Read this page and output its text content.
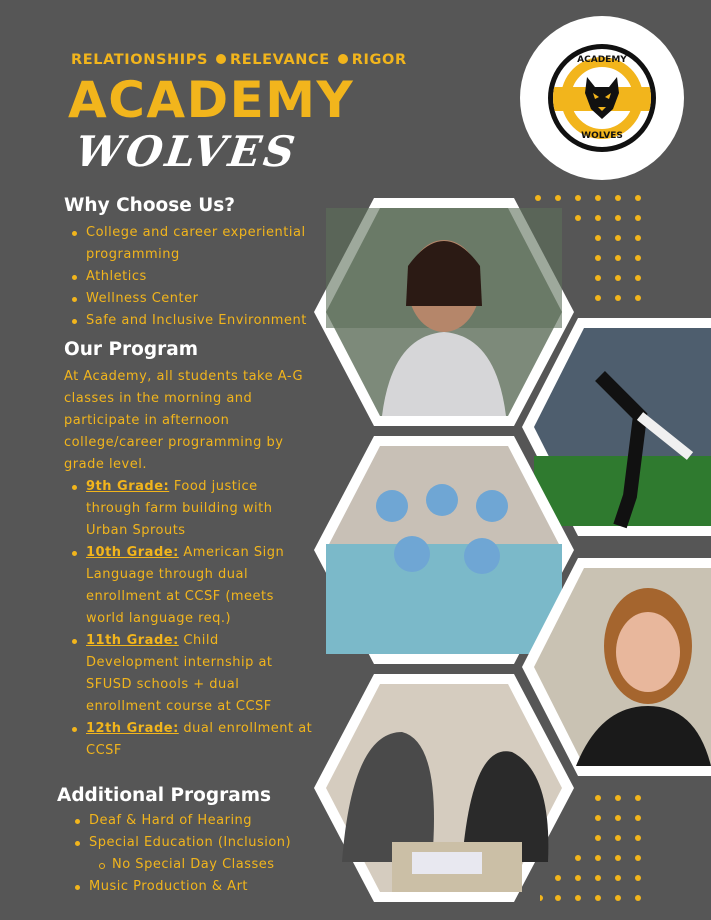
RELATIONSHIPS RELEVANCE RIGOR
ACADEMY
WOLVES
ACADEMY
WOLVES
Why Choose Us?
College and career experiential programming
Athletics
Wellness Center
Safe and Inclusive Environment
Our Program

At Academy, all students take A-G classes in the morning and participate in afternoon college/career programming by grade level.

9th Grade: Food justice through farm building with Urban Sprouts
10th Grade: American Sign Language through dual enrollment at CCSF (meets world language req.)
11th Grade: Child Development internship at SFUSD schools + dual enrollment course at CCSF
12th Grade: dual enrollment at CCSF
Additional Programs
Deaf & Hard of Hearing
Special Education (Inclusion)
No Special Day Classes
Music Production & Art
